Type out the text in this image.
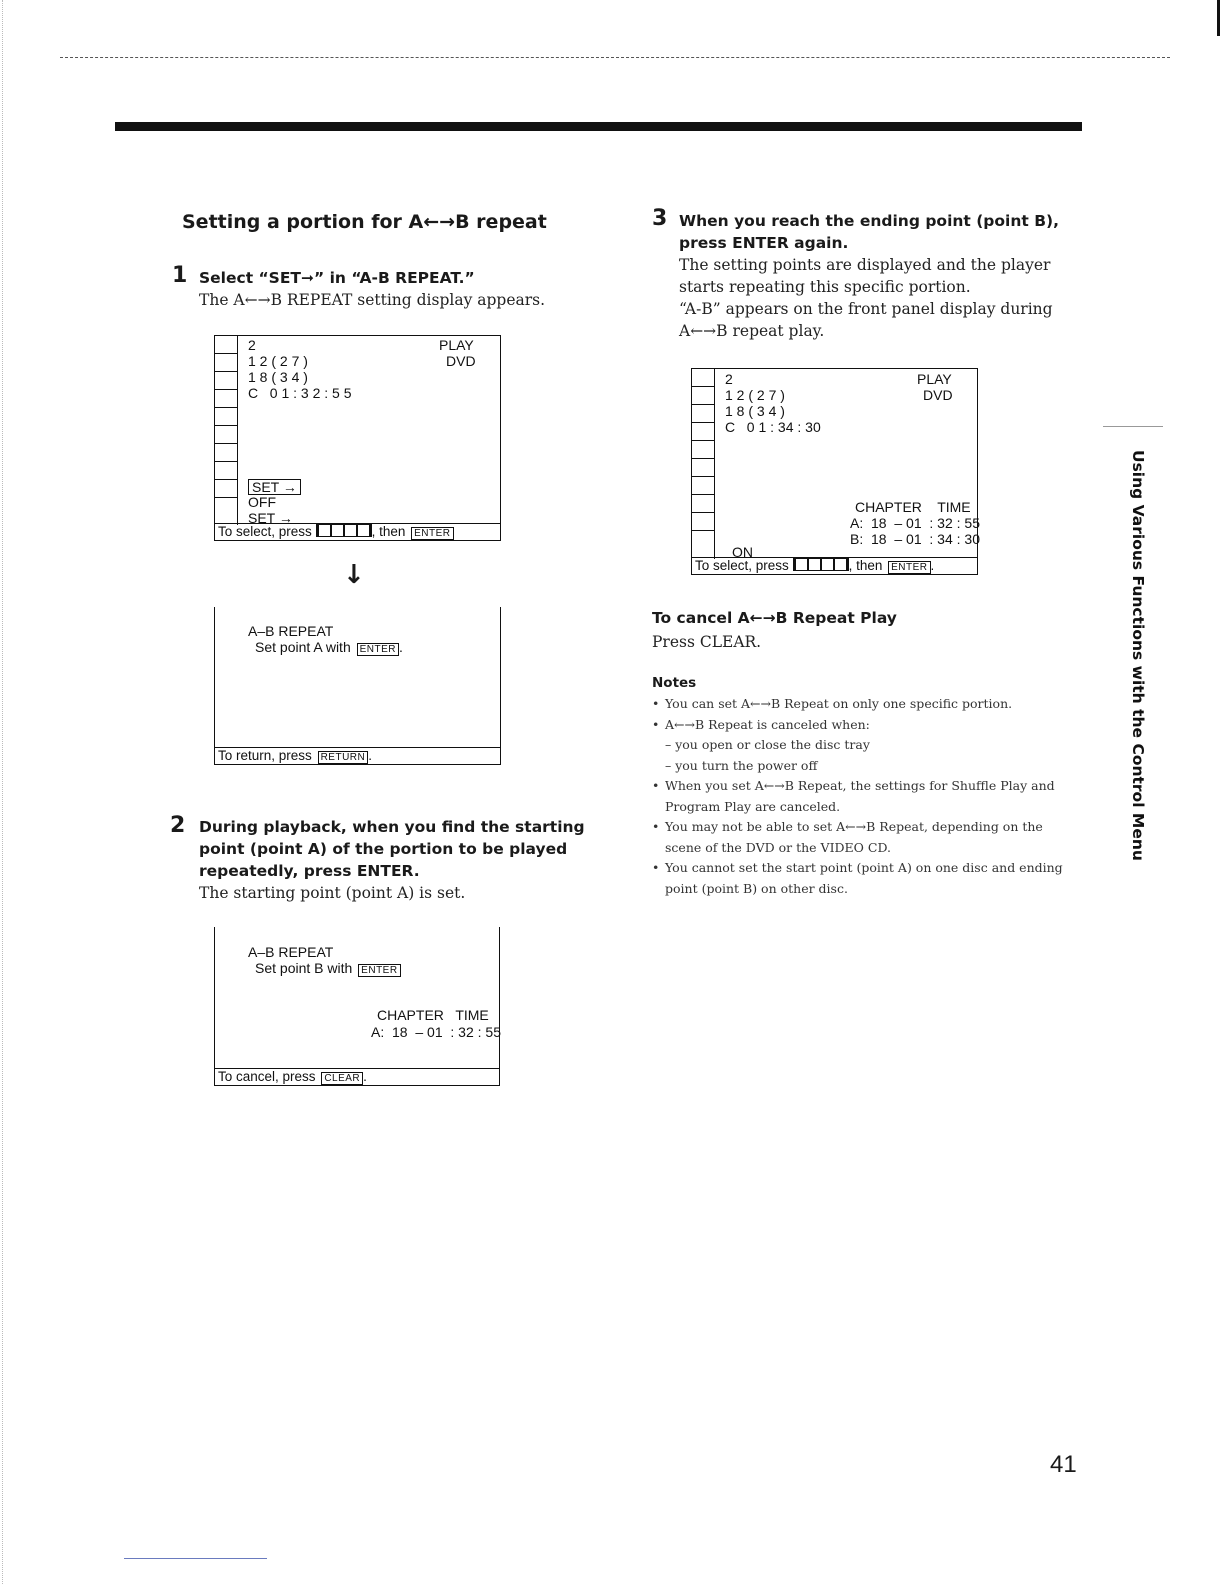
Setting a portion for A←→B repeat
1 Select “SET➞” in “A-B REPEAT.”
The A←→B REPEAT setting display appears.
2
1 2 ( 2 7 )
1 8 ( 3 4 )
C   0 1 : 3 2 : 5 5
PLAY
DVD
SET →
OFF
SET →
To select, press	, then ENTER
↓
A–B REPEAT
Set point A with ENTER .
To return, press RETURN .
2 During playback, when you find the starting point (point A) of the portion to be played repeatedly, press ENTER.
The starting point (point A) is set.
A–B REPEAT
Set point B with ENTER
CHAPTER   TIME
A:  18  – 01  : 32 : 55
To cancel, press CLEAR .
3 When you reach the ending point (point B), press ENTER again.
The setting points are displayed and the player starts repeating this specific portion.
“A-B” appears on the front panel display during A←→B repeat play.
2
1 2 ( 2 7 )
1 8 ( 3 4 )
C   0 1 : 34 : 30
PLAY
DVD
CHAPTER    TIME
A:  18  – 01  : 32 : 55
B:  18  – 01  : 34 : 30
ON
To select, press	, then ENTER .
To cancel A←→B Repeat Play
Press CLEAR.
Notes
• You can set A←→B Repeat on only one specific portion.
• A←→B Repeat is canceled when:
– you open or close the disc tray
– you turn the power off
• When you set A←→B Repeat, the settings for Shuffle Play and Program Play are canceled.
• You may not be able to set A←→B Repeat, depending on the scene of the DVD or the VIDEO CD.
• You cannot set the start point (point A) on one disc and ending point (point B) on other disc.
Using Various Functions with the Control Menu
41
